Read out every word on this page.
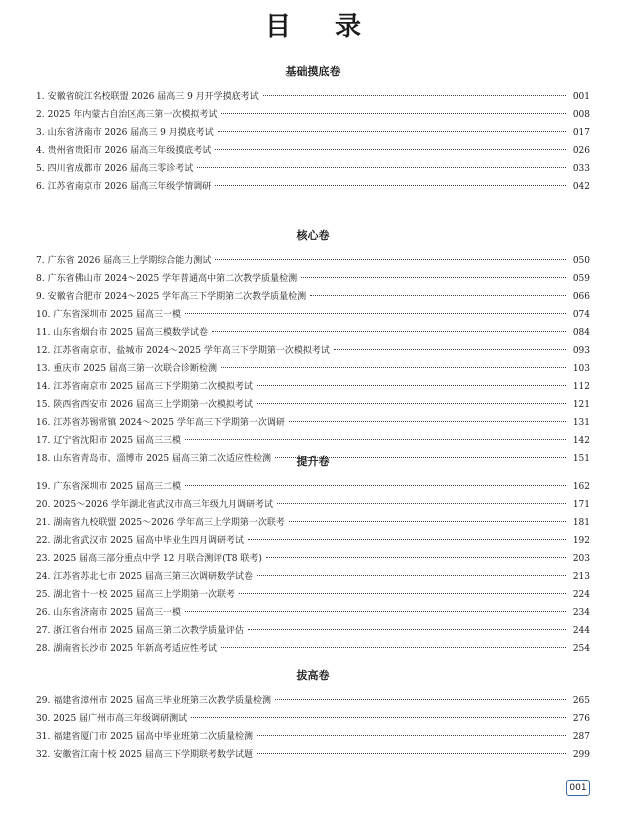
目录
基础摸底卷
1. 安徽省皖江名校联盟 2026 届高三 9 月开学摸底考试	001
2. 2025 年内蒙古自治区高三第一次模拟考试	008
3. 山东省济南市 2026 届高三 9 月摸底考试	017
4. 贵州省贵阳市 2026 届高三年级摸底考试	026
5. 四川省成都市 2026 届高三零诊考试	033
6. 江苏省南京市 2026 届高三年级学情调研	042
核心卷
7. 广东省 2026 届高三上学期综合能力测试	050
8. 广东省佛山市 2024～2025 学年普通高中第二次教学质量检测	059
9. 安徽省合肥市 2024～2025 学年高三下学期第二次教学质量检测	066
10. 广东省深圳市 2025 届高三一模	074
11. 山东省烟台市 2025 届高三模数学试卷	084
12. 江苏省南京市、盐城市 2024～2025 学年高三下学期第一次模拟考试	093
13. 重庆市 2025 届高三第一次联合诊断检测	103
14. 江苏省南京市 2025 届高三下学期第二次模拟考试	112
15. 陕西省西安市 2026 届高三上学期第一次模拟考试	121
16. 江苏省苏锡常镇 2024～2025 学年高三下学期第一次调研	131
17. 辽宁省沈阳市 2025 届高三三模	142
18. 山东省青岛市、淄博市 2025 届高三第二次适应性检测	151
提升卷
19. 广东省深圳市 2025 届高三二模	162
20. 2025～2026 学年湖北省武汉市高三年级九月调研考试	171
21. 湖南省九校联盟 2025～2026 学年高三上学期第一次联考	181
22. 湖北省武汉市 2025 届高中毕业生四月调研考试	192
23. 2025 届高三部分重点中学 12 月联合测评(T8 联考)	203
24. 江苏省苏北七市 2025 届高三第三次调研数学试卷	213
25. 湖北省十一校 2025 届高三上学期第一次联考	224
26. 山东省济南市 2025 届高三一模	234
27. 浙江省台州市 2025 届高三第二次教学质量评估	244
28. 湖南省长沙市 2025 年新高考适应性考试	254
拔高卷
29. 福建省漳州市 2025 届高三毕业班第三次教学质量检测	265
30. 2025 届广州市高三年级调研测试	276
31. 福建省厦门市 2025 届高中毕业班第二次质量检测	287
32. 安徽省江南十校 2025 届高三下学期联考数学试题	299
001
